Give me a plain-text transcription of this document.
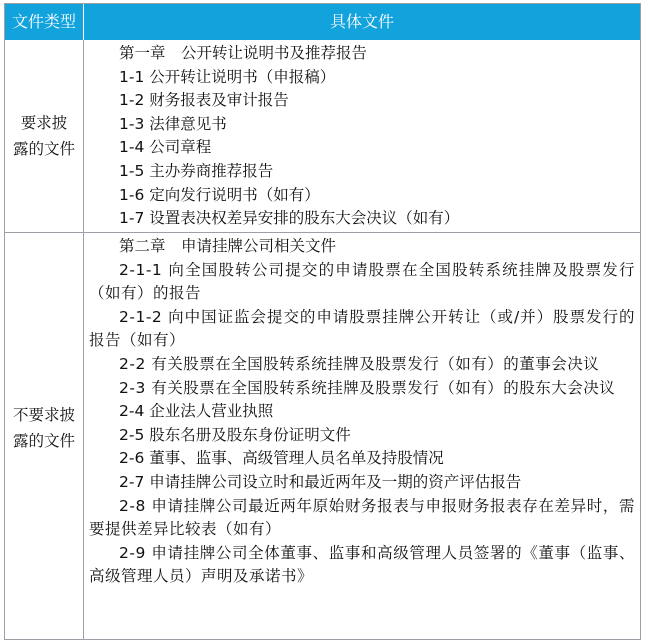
文件类型	具体文件
要求披
露的文件
第一章　公开转让说明书及推荐报告
1-1 公开转让说明书（申报稿）
1-2 财务报表及审计报告
1-3 法律意见书
1-4 公司章程
1-5 主办券商推荐报告
1-6 定向发行说明书（如有）
1-7 设置表决权差异安排的股东大会决议（如有）
不要求披
露的文件
第二章　申请挂牌公司相关文件
2-1-1 向全国股转公司提交的申请股票在全国股转系统挂牌及股票发行（如有）的报告
2-1-2 向中国证监会提交的申请股票挂牌公开转让（或/并）股票发行的报告（如有）
2-2 有关股票在全国股转系统挂牌及股票发行（如有）的董事会决议
2-3 有关股票在全国股转系统挂牌及股票发行（如有）的股东大会决议
2-4 企业法人营业执照
2-5 股东名册及股东身份证明文件
2-6 董事、监事、高级管理人员名单及持股情况
2-7 申请挂牌公司设立时和最近两年及一期的资产评估报告
2-8 申请挂牌公司最近两年原始财务报表与申报财务报表存在差异时，需要提供差异比较表（如有）
2-9 申请挂牌公司全体董事、监事和高级管理人员签署的《董事（监事、高级管理人员）声明及承诺书》
